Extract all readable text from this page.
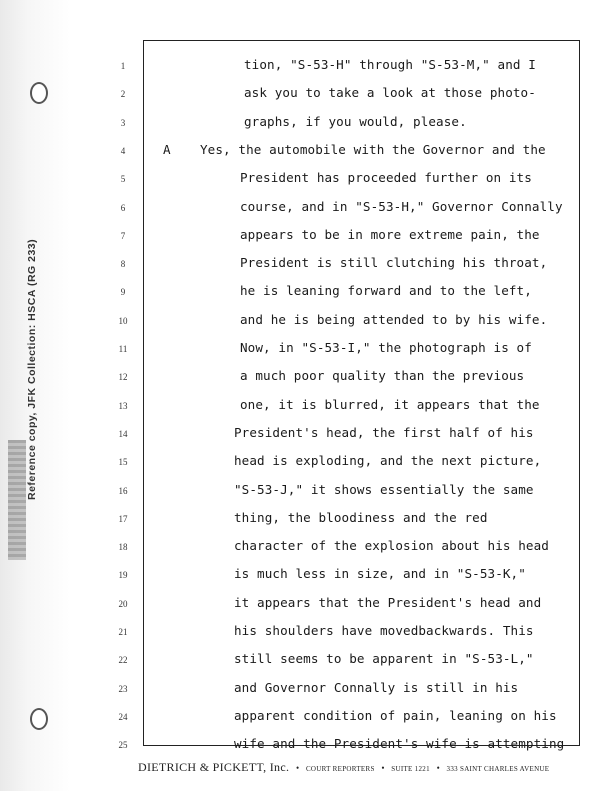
Reference copy, JFK Collection: HSCA (RG 233)
1	tion, "S-53-H" through "S-53-M," and I
2	ask you to take a look at those photo-
3	graphs, if you would, please.
4	A Yes, the automobile with the Governor and the
5	President has proceeded further on its
6	course, and in "S-53-H," Governor Connally
7	appears to be in more extreme pain, the
8	President is still clutching his throat,
9	he is leaning forward and to the left,
10	and he is being attended to by his wife.
11	Now, in "S-53-I," the photograph is of
12	a much poor quality than the previous
13	one, it is blurred, it appears that the
14	President's head, the first half of his
15	head is exploding, and the next picture,
16	"S-53-J," it shows essentially the same
17	thing, the bloodiness and the red
18	character of the explosion about his head
19	is much less in size, and in "S-53-K,"
20	it appears that the President's head and
21	his shoulders have movedbackwards. This
22	still seems to be apparent in "S-53-L,"
23	and Governor Connally is still in his
24	apparent condition of pain, leaning on his
25	wife and the President's wife is attempting
DIETRICH & PICKETT, Inc. • COURT REPORTERS • SUITE 1221 • 333 SAINT CHARLES AVENUE
